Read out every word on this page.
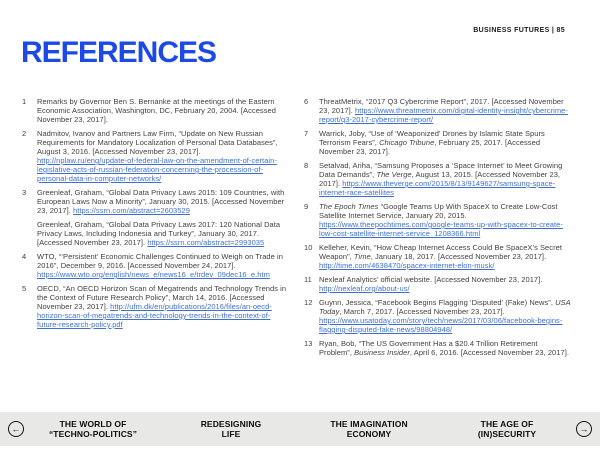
BUSINESS FUTURES | 85
REFERENCES
1	Remarks by Governor Ben S. Bernanke at the meetings of the Eastern Economic Association, Washington, DC, February 20, 2004. [Accessed November 23, 2017].

2	Nadmitov, Ivanov and Partners Law Firm, “Update on New Russian Requirements for Mandatory Localization of Personal Data Databases”, August 3, 2016. [Accessed November 23, 2017]. http://nplaw.ru/eng/update-of-federal-law-on-the-amendment-of-certain-legislative-acts-of-russian-federation-concerning-the-procession-of-personal-data-in-computer-networks/

3	Greenleaf, Graham, “Global Data Privacy Laws 2015: 109 Countries, with European Laws Now a Minority”, January 30, 2015. [Accessed November 23, 2017]. https://ssrn.com/abstract=2603529

Greenleaf, Graham, “Global Data Privacy Laws 2017: 120 National Data Privacy Laws, Including Indonesia and Turkey”, January 30, 2017. [Accessed November 23, 2017]. https://ssrn.com/abstract=2993035

4	WTO, “‘Persistent’ Economic Challenges Continued to Weigh on Trade in 2016”, December 9, 2016. [Accessed November 24, 2017]. https://www.wto.org/english/news_e/news16_e/trdev_09dec16_e.htm

5	OECD, “An OECD Horizon Scan of Megatrends and Technology Trends in the Context of Future Research Policy”, March 14, 2016. [Accessed November 23, 2017]. http://ufm.dk/en/publications/2016/files/an-oecd-horizon-scan-of-megatrends-and-technology-trends-in-the-context-of-future-research-policy.pdf

6	ThreatMetrix, “2017 Q3 Cybercrime Report”, 2017. [Accessed November 23, 2017]. https://www.threatmetrix.com/digital-identity-insight/cybercrime-report/q3-2017-cybercrime-report/

7	Warrick, Joby, “Use of ‘Weaponized’ Drones by Islamic State Spurs Terrorism Fears”, Chicago Tribune, February 25, 2017. [Accessed November 23, 2017].

8	Setalvad, Ariha, “Samsung Proposes a ‘Space Internet’ to Meet Growing Data Demands”, The Verge, August 13, 2015. [Accessed November 23, 2017]. https://www.theverge.com/2015/8/13/9149627/samsung-space-internet-race-satellites

9	The Epoch Times “Google Teams Up With SpaceX to Create Low-Cost Satellite Internet Service, January 20, 2015. https://www.theepochtimes.com/google-teams-up-with-spacex-to-create-low-cost-satellite-internet-service_1208366.html

10 Kelleher, Kevin, “How Cheap Internet Access Could Be SpaceX’s Secret Weapon”, Time, January 18, 2017. [Accessed November 23, 2017]. http://time.com/4638470/spacex-internet-elon-musk/

11 Nexleaf Analytics’ official website. [Accessed November 23, 2017]. http://nexleaf.org/about-us/

12 Guynn, Jessica, “Facebook Begins Flagging ‘Disputed’ (Fake) News”, USA Today, March 7, 2017. [Accessed November 23, 2017]. https://www.usatoday.com/story/tech/news/2017/03/06/facebook-begins-flagging-disputed-fake-news/98804948/

13 Ryan, Bob, “The US Government Has a $20.4 Trillion Retirement Problem”, Business Insider, April 6, 2016. [Accessed November 23, 2017].

←	THE WORLD OF
“TECHNO-POLITICS”
REDESIGNING
LIFE
THE IMAGINATION
ECONOMY
THE AGE OF
(IN)SECURITY
→
